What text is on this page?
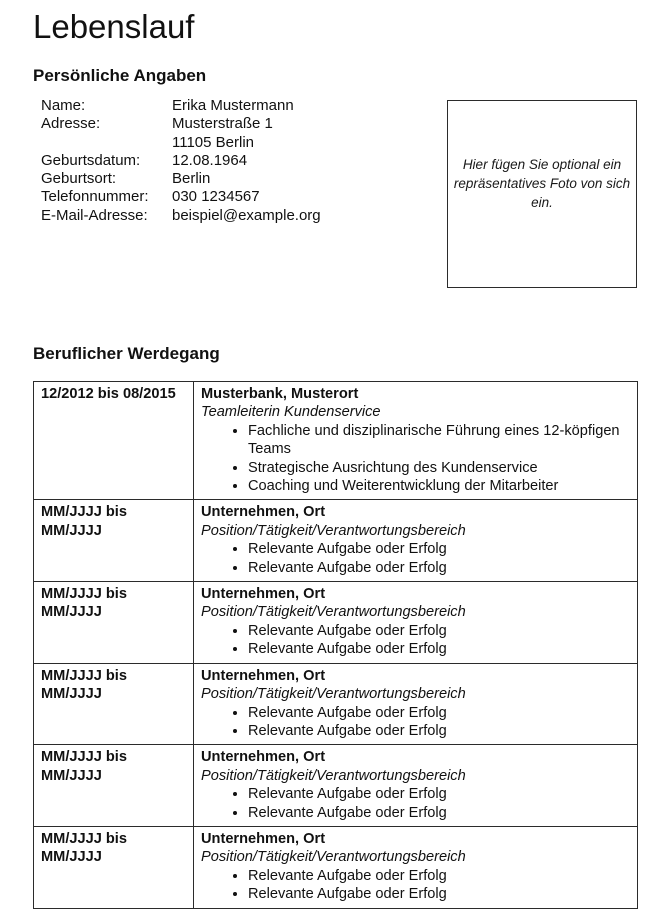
Lebenslauf
Persönliche Angaben
Name:	Erika Mustermann
Adresse:	Musterstraße 1
11105 Berlin
Geburtsdatum:	12.08.1964
Geburtsort:	Berlin
Telefonnummer:	030 1234567
E-Mail-Adresse:	beispiel@example.org
Hier fügen Sie optional ein
repräsentatives Foto von sich
ein.
Beruflicher Werdegang
12/2012 bis 08/2015	Musterbank, Musterort
Teamleiterin Kundenservice
• Fachliche und disziplinarische Führung eines 12-köpfigen Teams
• Strategische Ausrichtung des Kundenservice
• Coaching und Weiterentwicklung der Mitarbeiter

MM/JJJJ bis MM/JJJJ	
Unternehmen, Ort
Position/Tätigkeit/Verantwortungsbereich
• Relevante Aufgabe oder Erfolg
• Relevante Aufgabe oder Erfolg

MM/JJJJ bis MM/JJJJ	
Unternehmen, Ort
Position/Tätigkeit/Verantwortungsbereich
• Relevante Aufgabe oder Erfolg
• Relevante Aufgabe oder Erfolg

MM/JJJJ bis MM/JJJJ	
Unternehmen, Ort
Position/Tätigkeit/Verantwortungsbereich
• Relevante Aufgabe oder Erfolg
• Relevante Aufgabe oder Erfolg

MM/JJJJ bis MM/JJJJ	
Unternehmen, Ort
Position/Tätigkeit/Verantwortungsbereich
• Relevante Aufgabe oder Erfolg
• Relevante Aufgabe oder Erfolg

MM/JJJJ bis MM/JJJJ	
Unternehmen, Ort
Position/Tätigkeit/Verantwortungsbereich
• Relevante Aufgabe oder Erfolg
• Relevante Aufgabe oder Erfolg
